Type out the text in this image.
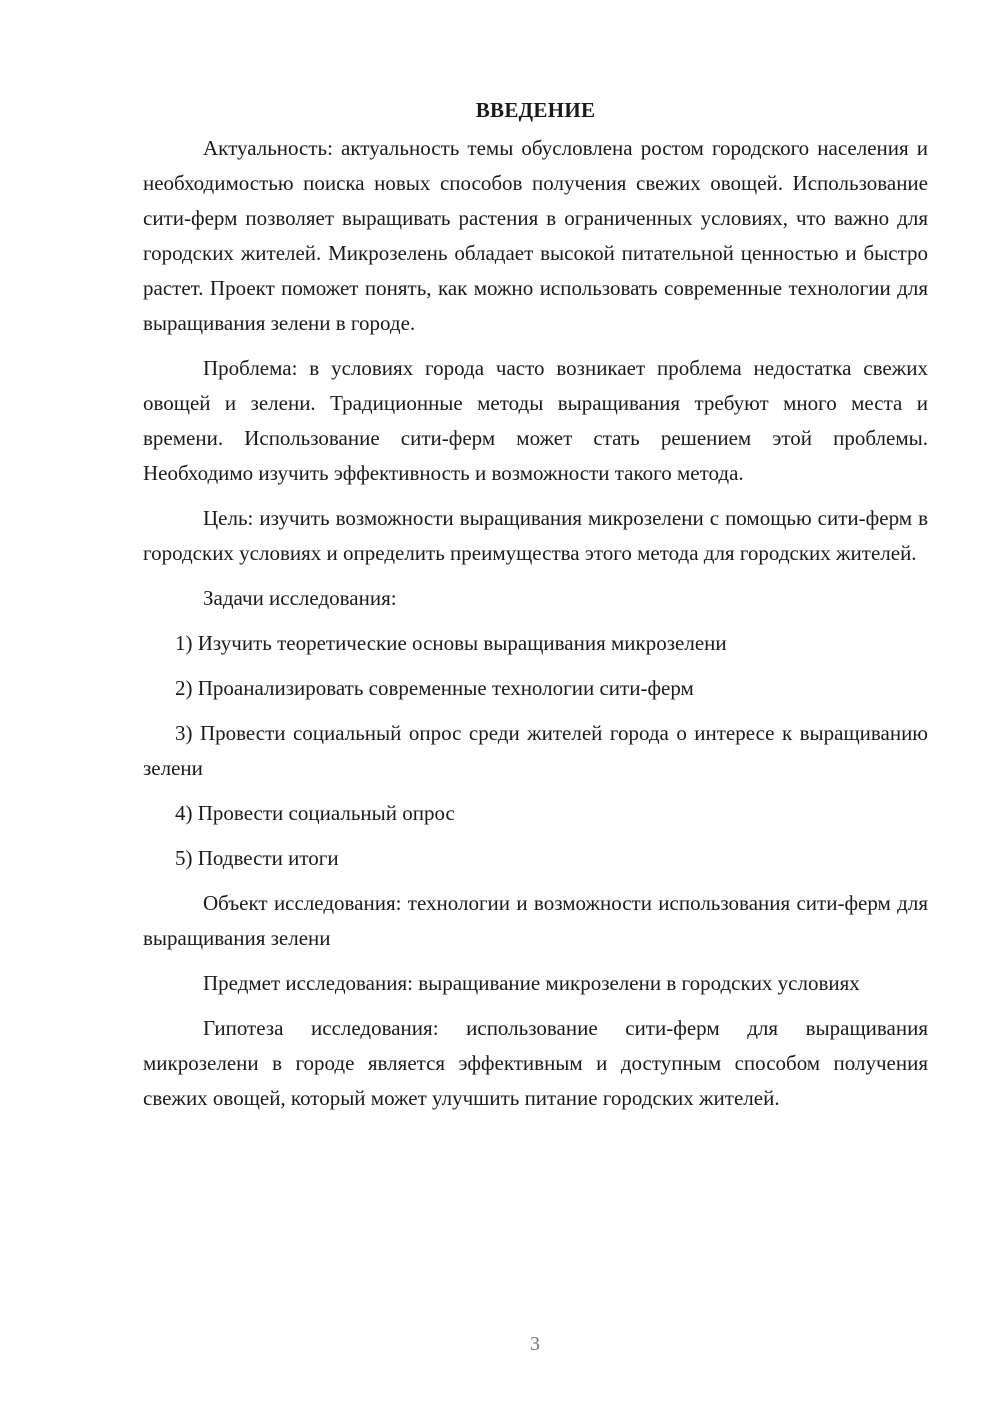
ВВЕДЕНИЕ

Актуальность: актуальность темы обусловлена ростом городского населения и необходимостью поиска новых способов получения свежих овощей. Использование сити-ферм позволяет выращивать растения в ограниченных условиях, что важно для городских жителей. Микрозелень обладает высокой питательной ценностью и быстро растет. Проект поможет понять, как можно использовать современные технологии для выращивания зелени в городе.

Проблема: в условиях города часто возникает проблема недостатка свежих овощей и зелени. Традиционные методы выращивания требуют много места и времени. Использование сити-ферм может стать решением этой проблемы. Необходимо изучить эффективность и возможности такого метода.

Цель: изучить возможности выращивания микрозелени с помощью сити-ферм в городских условиях и определить преимущества этого метода для городских жителей.

Задачи исследования:

1) Изучить теоретические основы выращивания микрозелени

2) Проанализировать современные технологии сити-ферм

3) Провести социальный опрос среди жителей города о интересе к выращиванию зелени

4) Провести социальный опрос

5) Подвести итоги

Объект исследования: технологии и возможности использования сити-ферм для выращивания зелени

Предмет исследования: выращивание микрозелени в городских условиях

Гипотеза исследования: использование сити-ферм для выращивания микрозелени в городе является эффективным и доступным способом получения свежих овощей, который может улучшить питание городских жителей.

3
